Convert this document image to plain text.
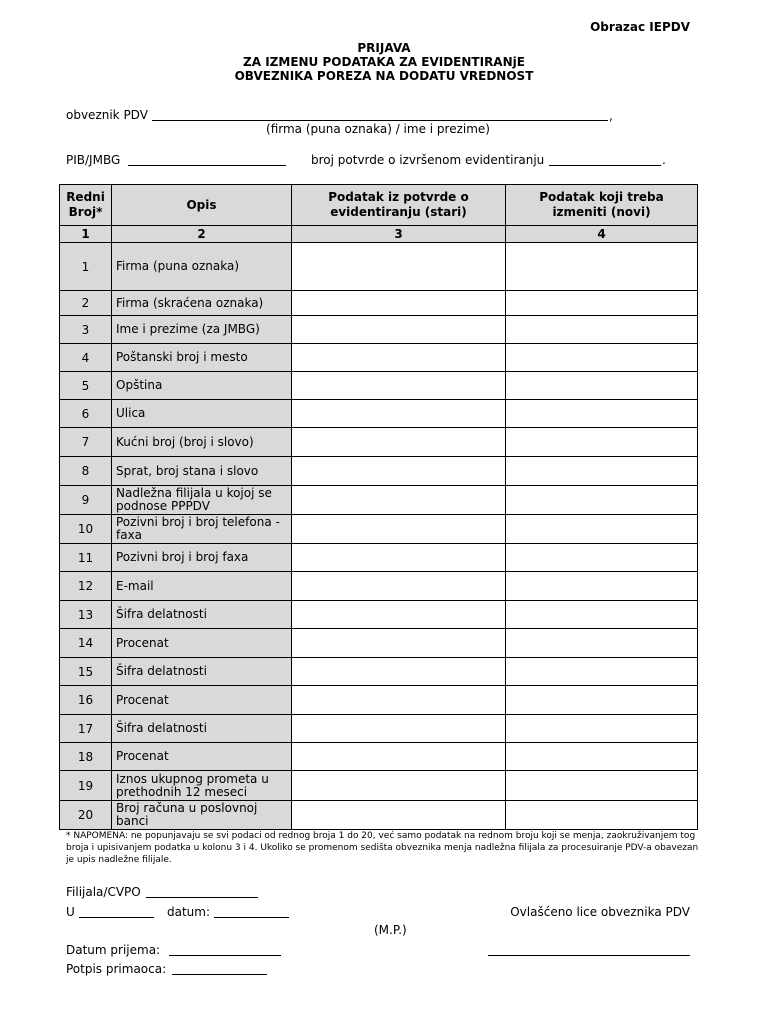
Obrazac IEPDV
PRIJAVA
ZA IZMENU PODATAKA ZA EVIDENTIRANjE
OBVEZNIKA POREZA NA DODATU VREDNOST
obveznik PDV	,
(firma (puna oznaka) / ime i prezime)
PIB/JMBG	broj potvrde o izvršenom evidentiranju	.
Redni Broj*	Opis	Podatak iz potvrde o evidentiranju (stari)	Podatak koji treba izmeniti (novi)
1	2	3	4
1	Firma (puna oznaka)		
2	Firma (skraćena oznaka)		
3	Ime i prezime (za JMBG)		
4	Poštanski broj i mesto		
5	Opština		
6	Ulica		
7	Kućni broj (broj i slovo)		
8	Sprat, broj stana i slovo		
9	Nadležna filijala u kojoj se podnose PPPDV		
10	Pozivni broj i broj telefona - faxa		
11	Pozivni broj i broj faxa		
12	E-mail		
13	Šifra delatnosti		
14	Procenat		
15	Šifra delatnosti		
16	Procenat		
17	Šifra delatnosti		
18	Procenat		
19	Iznos ukupnog prometa u prethodnih 12 meseci		
20	Broj računa u poslovnoj banci		
* NAPOMENA: ne popunjavaju se svi podaci od rednog broja 1 do 20, već samo podatak na rednom broju koji se menja, zaokruživanjem tog broja i upisivanjem podatka u kolonu 3 i 4. Ukoliko se promenom sedišta obveznika menja nadležna filijala za procesuiranje PDV-a obavezan je upis nadležne filijale.
Filijala/CVPO
U	datum:	Ovlašćeno lice obveznika PDV
(M.P.)
Datum prijema:
Potpis primaoca:
